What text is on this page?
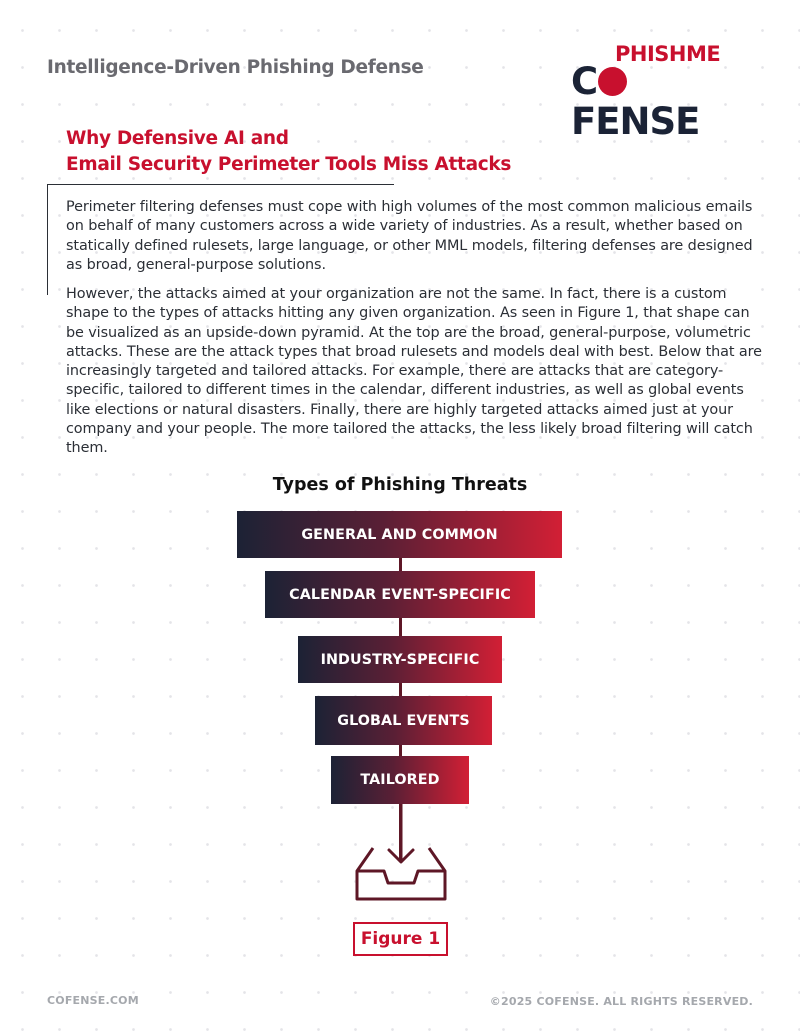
Intelligence-Driven Phishing Defense
PHISHME
CFENSE
Why Defensive AI and
Email Security Perimeter Tools Miss Attacks

Perimeter filtering defenses must cope with high volumes of the most common malicious emails on behalf of many customers across a wide variety of industries. As a result, whether based on statically defined rulesets, large language, or other MML models, filtering defenses are designed as broad, general-purpose solutions.

However, the attacks aimed at your organization are not the same. In fact, there is a custom shape to the types of attacks hitting any given organization. As seen in Figure 1, that shape can be visualized as an upside-down pyramid. At the top are the broad, general-purpose, volumetric attacks. These are the attack types that broad rulesets and models deal with best. Below that are increasingly targeted and tailored attacks. For example, there are attacks that are category-specific, tailored to different times in the calendar, different industries, as well as global events like elections or natural disasters. Finally, there are highly targeted attacks aimed just at your company and your people. The more tailored the attacks, the less likely broad filtering will catch them.

Types of Phishing Threats
GENERAL AND COMMON
CALENDAR EVENT-SPECIFIC
INDUSTRY-SPECIFIC
GLOBAL EVENTS
TAILORED
Figure 1
COFENSE.COM	©2025 COFENSE. ALL RIGHTS RESERVED.
